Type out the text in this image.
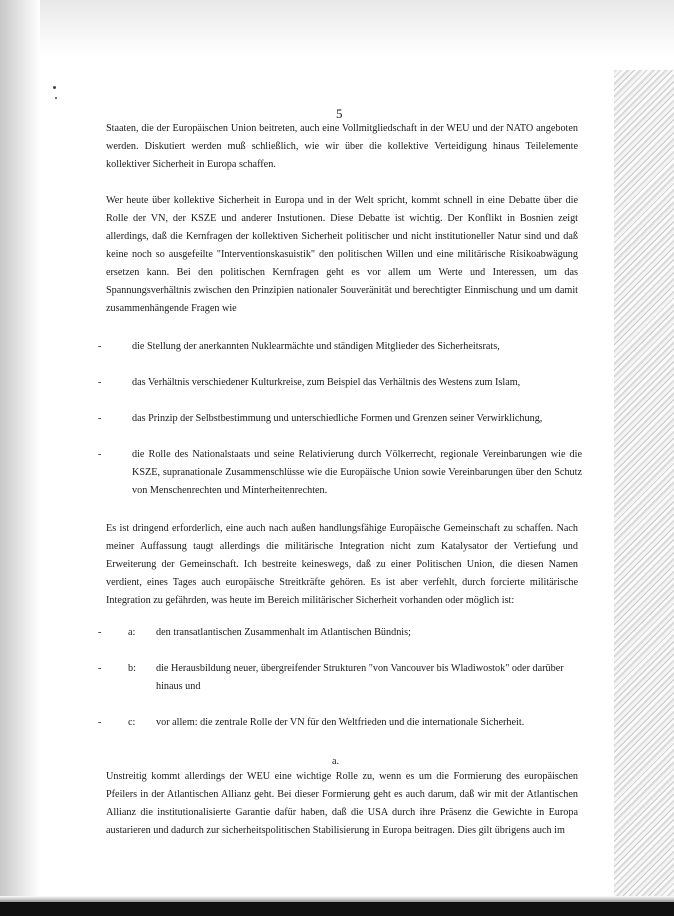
5

Staaten, die der Europäischen Union beitreten, auch eine Vollmitgliedschaft in der WEU und der NATO angeboten werden. Diskutiert werden muß schließlich, wie wir über die kollektive Verteidigung hinaus Teilelemente kollektiver Sicherheit in Europa schaffen.

Wer heute über kollektive Sicherheit in Europa und in der Welt spricht, kommt schnell in eine Debatte über die Rolle der VN, der KSZE und anderer Instutionen. Diese Debatte ist wichtig. Der Konflikt in Bosnien zeigt allerdings, daß die Kernfragen der kollektiven Sicherheit politischer und nicht institutioneller Natur sind und daß keine noch so ausgefeilte "Interventionskasuistik" den politischen Willen und eine militärische Risikoabwägung ersetzen kann. Bei den politischen Kernfragen geht es vor allem um Werte und Interessen, um das Spannungsverhältnis zwischen den Prinzipien nationaler Souveränität und berechtigter Einmischung und um damit zusammenhängende Fragen wie

-	die Stellung der anerkannten Nuklearmächte und ständigen Mitglieder des Sicherheitsrats,
-	das Verhältnis verschiedener Kulturkreise, zum Beispiel das Verhältnis des Westens zum Islam,
-	das Prinzip der Selbstbestimmung und unterschiedliche Formen und Grenzen seiner Verwirklichung,
-	die Rolle des Nationalstaats und seine Relativierung durch Völkerrecht, regionale Vereinbarungen wie die KSZE, supranationale Zusammenschlüsse wie die Europäische Union sowie Vereinbarungen über den Schutz von Menschenrechten und Minterheitenrechten.

Es ist dringend erforderlich, eine auch nach außen handlungsfähige Europäische Gemeinschaft zu schaffen. Nach meiner Auffassung taugt allerdings die militärische Integration nicht zum Katalysator der Vertiefung und Erweiterung der Gemeinschaft. Ich bestreite keineswegs, daß zu einer Politischen Union, die diesen Namen verdient, eines Tages auch europäische Streitkräfte gehören. Es ist aber verfehlt, durch forcierte militärische Integration zu gefährden, was heute im Bereich militärischer Sicherheit vorhanden oder möglich ist:

-	a: den transatlantischen Zusammenhalt im Atlantischen Bündnis;
-	b: die Herausbildung neuer, übergreifender Strukturen "von Vancouver bis Wladiwostok" oder darüber hinaus und
-	c: vor allem: die zentrale Rolle der VN für den Weltfrieden und die internationale Sicherheit.
a.

Unstreitig kommt allerdings der WEU eine wichtige Rolle zu, wenn es um die Formierung des europäischen Pfeilers in der Atlantischen Allianz geht. Bei dieser Formierung geht es auch darum, daß wir mit der Atlantischen Allianz die institutionalisierte Garantie dafür haben, daß die USA durch ihre Präsenz die Gewichte in Europa austarieren und dadurch zur sicherheitspolitischen Stabilisierung in Europa beitragen. Dies gilt übrigens auch im
